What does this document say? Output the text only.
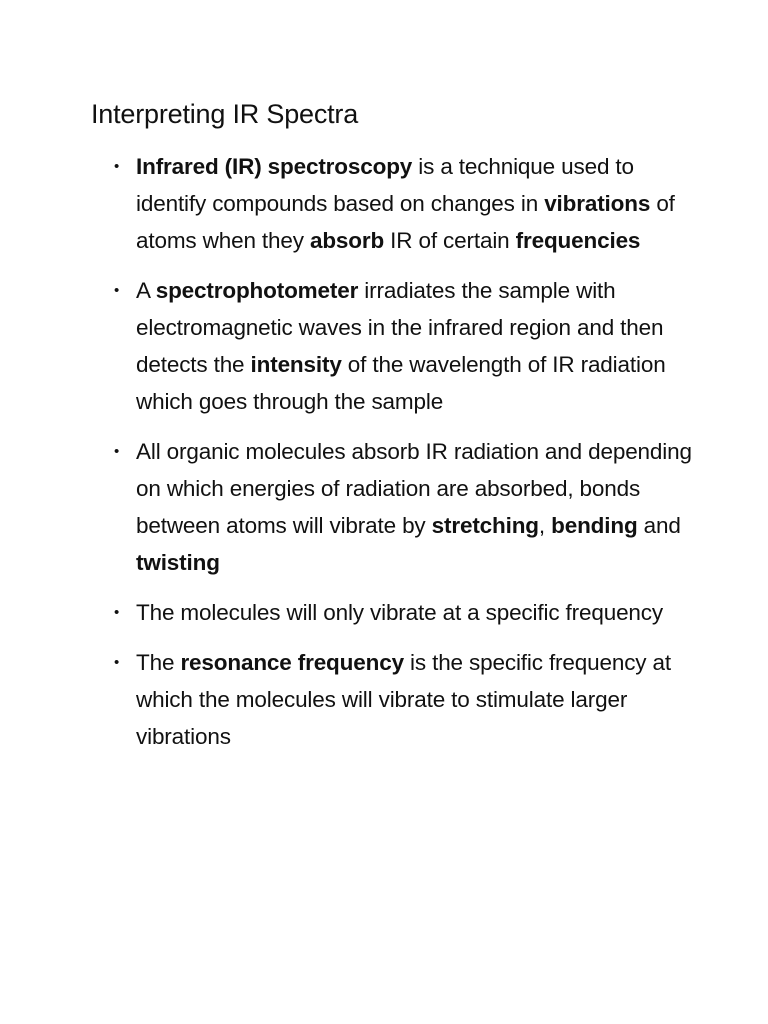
Interpreting IR Spectra
• Infrared (IR) spectroscopy is a technique used to identify compounds based on changes in vibrations of atoms when they absorb IR of certain frequencies
• A spectrophotometer irradiates the sample with electromagnetic waves in the infrared region and then detects the intensity of the wavelength of IR radiation which goes through the sample
• All organic molecules absorb IR radiation and depending on which energies of radiation are absorbed, bonds between atoms will vibrate by stretching, bending and twisting
• The molecules will only vibrate at a specific frequency
• The resonance frequency is the specific frequency at which the molecules will vibrate to stimulate larger vibrations
